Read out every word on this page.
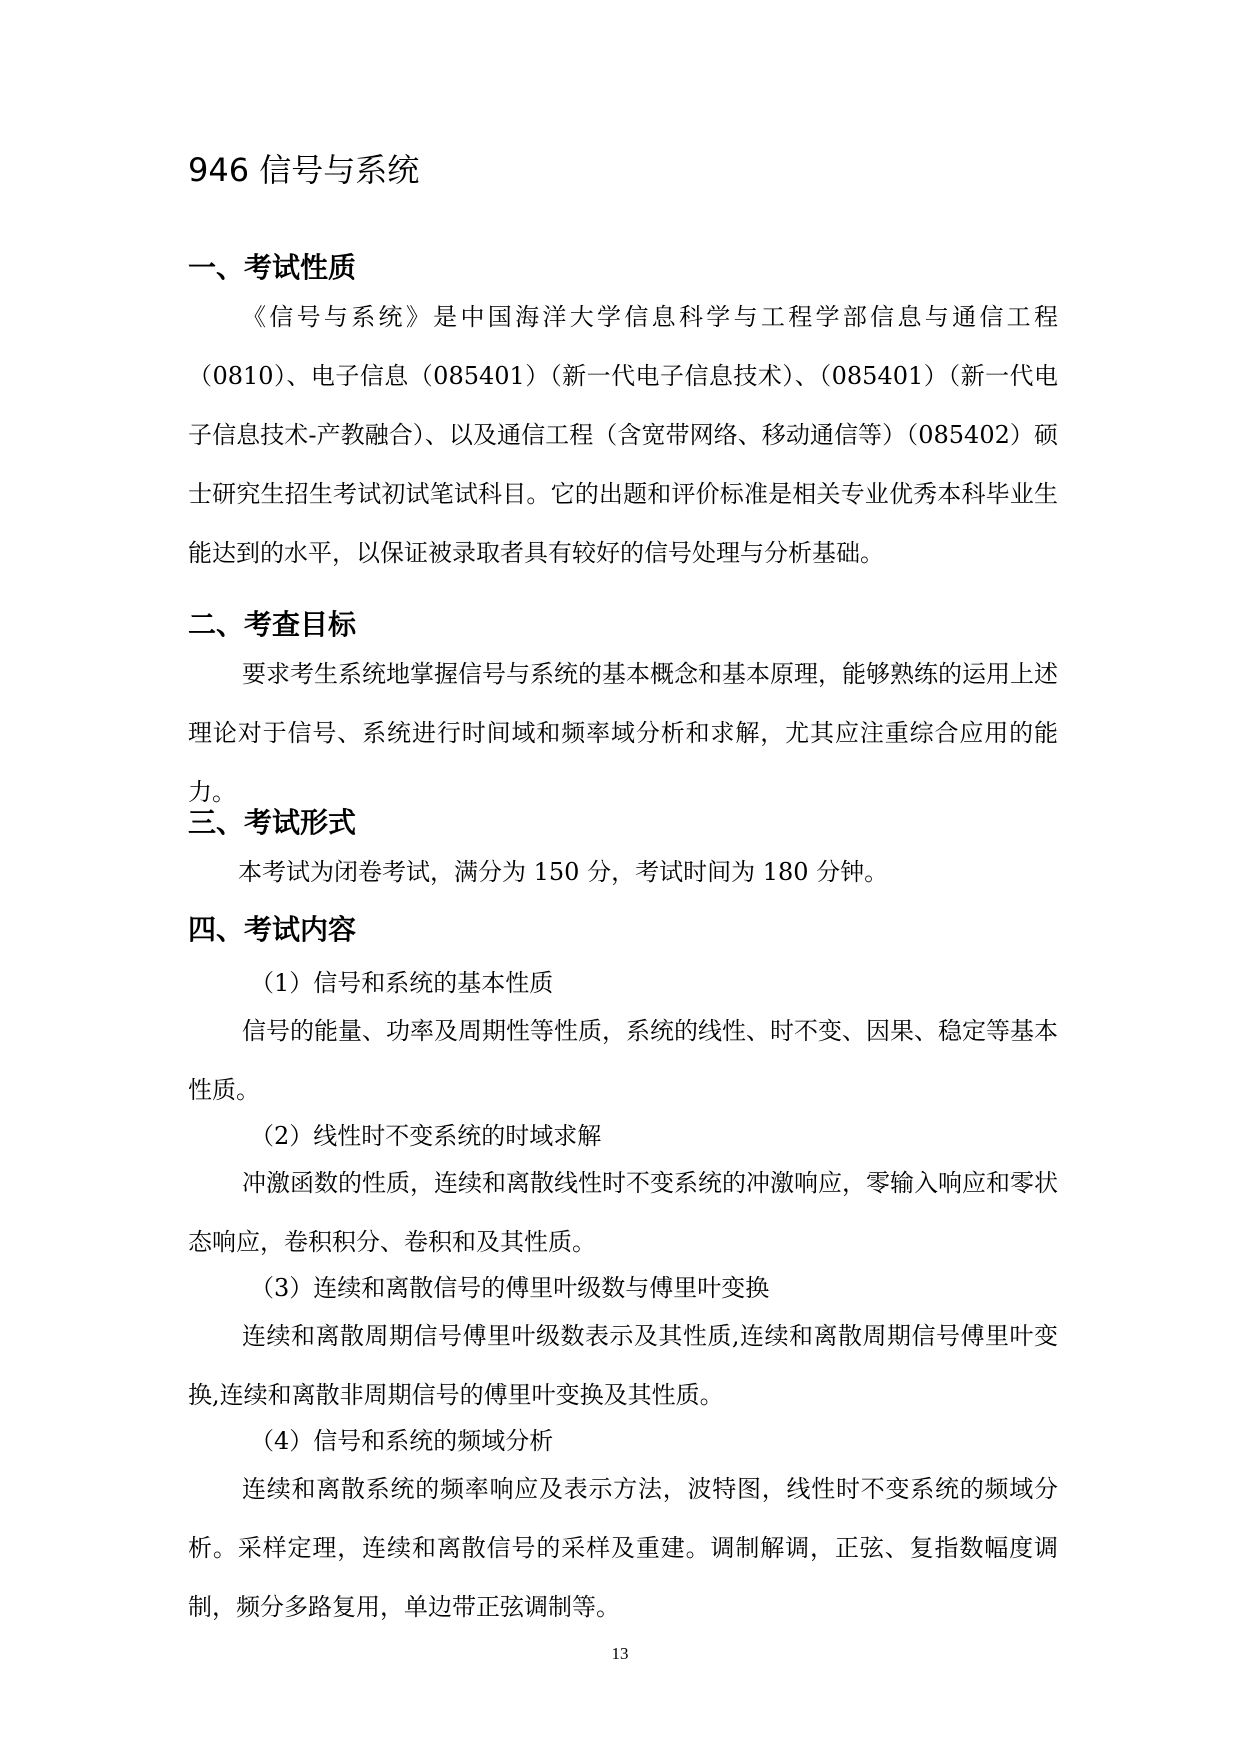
946 信号与系统
一、考试性质

《信号与系统》是中国海洋大学信息科学与工程学部信息与通信工程（0810）、电子信息（085401）（新一代电子信息技术）、（085401）（新一代电子信息技术-产教融合）、以及通信工程（含宽带网络、移动通信等）（085402）硕士研究生招生考试初试笔试科目。它的出题和评价标准是相关专业优秀本科毕业生能达到的水平，以保证被录取者具有较好的信号处理与分析基础。

二、考查目标

要求考生系统地掌握信号与系统的基本概念和基本原理，能够熟练的运用上述理论对于信号、系统进行时间域和频率域分析和求解，尤其应注重综合应用的能力。

三、考试形式

本考试为闭卷考试，满分为 150 分，考试时间为 180 分钟。

四、考试内容
（1）信号和系统的基本性质

信号的能量、功率及周期性等性质，系统的线性、时不变、因果、稳定等基本性质。

（2）线性时不变系统的时域求解

冲激函数的性质，连续和离散线性时不变系统的冲激响应，零输入响应和零状态响应，卷积积分、卷积和及其性质。

（3）连续和离散信号的傅里叶级数与傅里叶变换

连续和离散周期信号傅里叶级数表示及其性质,连续和离散周期信号傅里叶变换,连续和离散非周期信号的傅里叶变换及其性质。

（4）信号和系统的频域分析

连续和离散系统的频率响应及表示方法，波特图，线性时不变系统的频域分析。采样定理，连续和离散信号的采样及重建。调制解调，正弦、复指数幅度调制，频分多路复用，单边带正弦调制等。

13
